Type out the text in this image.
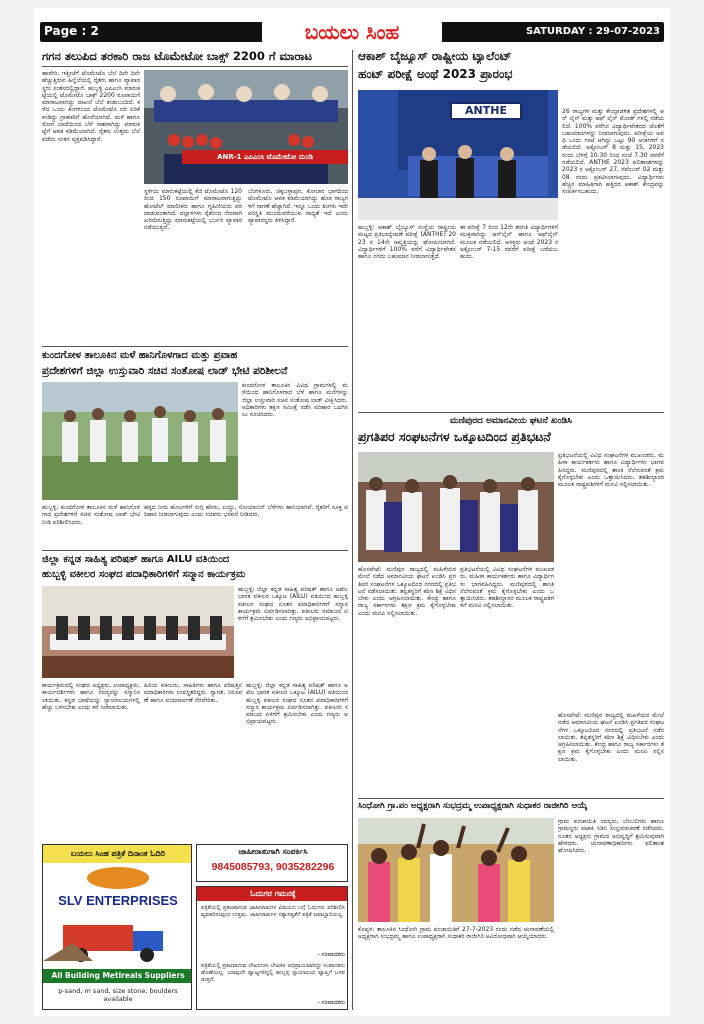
Page : 2	ಬಯಲು ಸಿಂಹ	SATURDAY : 29-07-2023
ಗಗನ ತಲುಪಿದ ತರಕಾರಿ ರಾಜ ಟೊಮೇಟೋ ಬಾಕ್ಸ್ 2200 ಗೆ ಮಾರಾಟ
ಹಾವೇರಿ: ಇತ್ತೀಚೆಗೆ ಟೊಮೇಟೊ ಬೆಲೆ ದಿನೇ ದಿನೇ ಹೆಚ್ಚುತ್ತಿರುವ ಹಿನ್ನೆಲೆಯಲ್ಲಿ ರೈತರು ಹಾಗೂ ವ್ಯಾಪಾರಸ್ಥರು ಸಂತಸದಲ್ಲಿದ್ದಾರೆ. ಹುಬ್ಬಳ್ಳಿ ಎಪಿಎಂಸಿ ಮಾರುಕಟ್ಟೆಯಲ್ಲಿ ಟೊಮೇಟೊ ಬಾಕ್ಸ್ 2200 ರೂಪಾಯಿಗೆ ಮಾರಾಟವಾಗಿದ್ದು ದಾಖಲೆ ಬೆಲೆ ಕಂಡುಬಂದಿದೆ. ಕಳೆದ ಒಂದು ತಿಂಗಳಿನಿಂದ ಟೊಮೇಟೊ ದರ ಏರಿಕೆ ಕಂಡಿದ್ದು ಗ್ರಾಹಕರಿಗೆ ಹೊರೆಯಾಗಿದೆ. ಮಳೆ ಹಾಗೂ ರೋಗ ಬಾಧೆಯಿಂದ ಬೆಳೆ ನಾಶವಾಗಿದ್ದು ಮಾರುಕಟ್ಟೆಗೆ ಆವಕ ಕಡಿಮೆಯಾಗಿದೆ. ರೈತರು ಉತ್ತಮ ಬೆಲೆ ಪಡೆದು ಸಂತಸ ವ್ಯಕ್ತಪಡಿಸಿದ್ದಾರೆ.
ANR-1 ಎಪಿಎಂಸಿ ಟೊಮೇಟೋ ಮಂಡಿ
ಸ್ಥಳೀಯ ಮಾರುಕಟ್ಟೆಯಲ್ಲಿ ಕೆಜಿ ಟೊಮೇಟೊ 120 ರಿಂದ 150 ರೂಪಾಯಿಗೆ ಮಾರಾಟವಾಗುತ್ತಿದ್ದು ಹೋಟೆಲ್ ಮಾಲೀಕರು ಹಾಗೂ ಗೃಹಿಣಿಯರು ಪರದಾಡುವಂತಾಗಿದೆ. ದಲ್ಲಾಳಿಗಳು ರೈತರಿಂದ ನೇರವಾಗಿ ಖರೀದಿಸುತ್ತಿದ್ದು ಮಾರುಕಟ್ಟೆಯಲ್ಲಿ ಭರ್ಜರಿ ವ್ಯಾಪಾರ ನಡೆಯುತ್ತಿದೆ.
ಬೆಂಗಳೂರು, ಚಿಕ್ಕಬಳ್ಳಾಪುರ, ಕೋಲಾರ ಭಾಗದಿಂದ ಟೊಮೇಟೊ ಆವಕ ಕಡಿಮೆಯಾಗಿದ್ದು ಹೊರ ರಾಜ್ಯಗಳಿಗೆ ಸಾಗಣೆ ಹೆಚ್ಚಾಗಿದೆ. ಇನ್ನೂ ಒಂದು ತಿಂಗಳು ಇದೇ ಪರಿಸ್ಥಿತಿ ಮುಂದುವರೆಯುವ ಸಾಧ್ಯತೆ ಇದೆ ಎಂದು ವ್ಯಾಪಾರಸ್ಥರು ತಿಳಿಸಿದ್ದಾರೆ.
ಕುಂದಗೋಳ ತಾಲೂಕಿನ ಮಳೆ ಹಾನಿಗೊಳಗಾದ ಮತ್ತು ಪ್ರವಾಹ
ಪ್ರದೇಶಗಳಿಗೆ ಜಿಲ್ಲಾ ಉಸ್ತುವಾರಿ ಸಚಿವ ಸಂತೋಷ ಲಾಡ್ ಭೇಟಿ ಪರಿಶೀಲನೆ
ಕುಂದಗೋಳ ತಾಲೂಕಿನ ವಿವಿಧ ಗ್ರಾಮಗಳಲ್ಲಿ ಮಳೆಯಿಂದ ಹಾನಿಗೊಳಗಾದ ಬೆಳೆ ಹಾಗೂ ಮನೆಗಳನ್ನು ಜಿಲ್ಲಾ ಉಸ್ತುವಾರಿ ಸಚಿವ ಸಂತೋಷ ಲಾಡ್ ವೀಕ್ಷಿಸಿದರು. ಅಧಿಕಾರಿಗಳು ತಕ್ಷಣ ಸಮೀಕ್ಷೆ ನಡೆಸಿ ಪರಿಹಾರ ಒದಗಿಸಲು ಸೂಚಿಸಿದರು.
ಹುಬ್ಬಳ್ಳಿ: ಕುಂದಗೋಳ ತಾಲೂಕಿನ ಮಳೆ ಹಾನಿಗೊಳಗಾದ ಪ್ರದೇಶಗಳಿಗೆ ಸಚಿವ ಸಂತೋಷ ಲಾಡ್ ಭೇಟಿ ನೀಡಿ ಪರಿಶೀಲಿಸಿದರು.
ಹಳ್ಳದ ನೀರು ಹೊಲಗಳಿಗೆ ನುಗ್ಗಿ ಹೆಸರು, ಉದ್ದು, ಸೋಯಾಬಿನ್ ಬೆಳೆಗಳು ಹಾನಿಯಾಗಿವೆ. ರೈತರಿಗೆ ಸೂಕ್ತ ಪರಿಹಾರ ನೀಡಲಾಗುವುದು ಎಂದು ಸಚಿವರು ಭರವಸೆ ನೀಡಿದರು.
ಜಿಲ್ಲಾ ಕನ್ನಡ ಸಾಹಿತ್ಯ ಪರಿಷತ್ ಹಾಗೂ AILU ವತಿಯಿಂದ
ಹುಬ್ಬಳ್ಳಿ ವಕೀಲರ ಸಂಘದ ಪದಾಧಿಕಾರಿಗಳಿಗೆ ಸನ್ಮಾನ ಕಾರ್ಯಕ್ರಮ
ಹುಬ್ಬಳ್ಳಿ: ಜಿಲ್ಲಾ ಕನ್ನಡ ಸಾಹಿತ್ಯ ಪರಿಷತ್ ಹಾಗೂ ಅಖಿಲ ಭಾರತ ವಕೀಲರ ಒಕ್ಕೂಟ (AILU) ವತಿಯಿಂದ ಹುಬ್ಬಳ್ಳಿ ವಕೀಲರ ಸಂಘದ ನೂತನ ಪದಾಧಿಕಾರಿಗಳಿಗೆ ಸನ್ಮಾನ ಕಾರ್ಯಕ್ರಮ ಏರ್ಪಡಿಸಲಾಗಿತ್ತು. ವಕೀಲರು ಸಮಾಜದ ಏಳಿಗೆಗೆ ಶ್ರಮಿಸಬೇಕು ಎಂದು ಗಣ್ಯರು ಅಭಿಪ್ರಾಯಪಟ್ಟರು.
ಕಾರ್ಯಕ್ರಮದಲ್ಲಿ ಸಂಘದ ಅಧ್ಯಕ್ಷರು, ಉಪಾಧ್ಯಕ್ಷರು, ಕಾರ್ಯದರ್ಶಿಗಳು ಹಾಗೂ ಸದಸ್ಯರನ್ನು ಸನ್ಮಾನಿಸಲಾಯಿತು. ಕನ್ನಡ ಭಾಷೆಯನ್ನು ನ್ಯಾಯಾಲಯಗಳಲ್ಲಿ ಹೆಚ್ಚು ಬಳಸಬೇಕು ಎಂದು ಕರೆ ನೀಡಲಾಯಿತು.
ಹಿರಿಯ ವಕೀಲರು, ಸಾಹಿತಿಗಳು ಹಾಗೂ ಪರಿಷತ್ತಿನ ಪದಾಧಿಕಾರಿಗಳು ಉಪಸ್ಥಿತರಿದ್ದರು. ಸ್ವಾಗತ, ನಿರೂಪಣೆ ಹಾಗೂ ವಂದನಾರ್ಪಣೆ ನೆರವೇರಿತು.
ಹುಬ್ಬಳ್ಳಿ: ಜಿಲ್ಲಾ ಕನ್ನಡ ಸಾಹಿತ್ಯ ಪರಿಷತ್ ಹಾಗೂ ಅಖಿಲ ಭಾರತ ವಕೀಲರ ಒಕ್ಕೂಟ (AILU) ವತಿಯಿಂದ ಹುಬ್ಬಳ್ಳಿ ವಕೀಲರ ಸಂಘದ ನೂತನ ಪದಾಧಿಕಾರಿಗಳಿಗೆ ಸನ್ಮಾನ ಕಾರ್ಯಕ್ರಮ ಏರ್ಪಡಿಸಲಾಗಿತ್ತು. ವಕೀಲರು ಸಮಾಜದ ಏಳಿಗೆಗೆ ಶ್ರಮಿಸಬೇಕು ಎಂದು ಗಣ್ಯರು ಅಭಿಪ್ರಾಯಪಟ್ಟರು.
ಬಯಲು ಸಿಂಹ ಪತ್ರಿಕೆ ದಿನಾಂಕ ಓದಿರಿ
SLV ENTERPRISES
All Building Metireals Suppliers
p-sand, m sand, size stone, boulders available
ಜಾಹೀರಾತುಗಾಗಿ ಸಂಪರ್ಕಿಸಿ
9845085793, 9035282296
ಓದುಗರ ಗಮನಕ್ಕೆ
ಪತ್ರಿಕೆಯಲ್ಲಿ ಪ್ರಕಟವಾಗುವ ಜಾಹೀರಾತುಗಳ ವಿಷಯದ ಬಗ್ಗೆ ಓದುಗರು ಪರಿಶೀಲಿಸಿ ವ್ಯವಹರಿಸುವುದು ಉತ್ತಮ. ಜಾಹೀರಾತುಗಳ ಸತ್ಯಾಸತ್ಯತೆಗೆ ಪತ್ರಿಕೆ ಜವಾಬ್ದಾರಿಯಲ್ಲ.
- ಸಂಪಾದಕರು
ಪತ್ರಿಕೆಯಲ್ಲಿ ಪ್ರಕಟವಾಗುವ ಲೇಖನಗಳು ಲೇಖಕರ ಅಭಿಪ್ರಾಯವಾಗಿದ್ದು ಸಂಪಾದಕರು ಹೊಣೆಯಲ್ಲ. ಯಾವುದೇ ವ್ಯಾಜ್ಯಗಳಿದ್ದಲ್ಲಿ ಹುಬ್ಬಳ್ಳಿ ನ್ಯಾಯಾಲಯ ವ್ಯಾಪ್ತಿಗೆ ಒಳಪಡುತ್ತದೆ.
- ಸಂಪಾದಕರು
ಆಕಾಶ್ ಬೈಜ್ಯೂಸ್ ರಾಷ್ಟ್ರೀಯ ಟ್ಯಾಲೆಂಟ್
ಹಂಟ್ ಪರೀಕ್ಷೆ ಅಂಥೆ 2023 ಪ್ರಾರಂಭ
ANTHE	26 ರಾಜ್ಯಗಳ ಮತ್ತು ಕೇಂದ್ರಾಡಳಿತ ಪ್ರದೇಶಗಳಲ್ಲಿ ಆನ್ ಲೈನ್ ಮತ್ತು ಆಫ್ ಲೈನ್ ಮೋಡ್ ಗಳಲ್ಲಿ ನಡೆಯಲಿದೆ. 100% ವರೆಗಿನ ವಿದ್ಯಾರ್ಥಿವೇತನದ ಜೊತೆಗೆ ಬಹುಮಾನಗಳನ್ನು ನೀಡಲಾಗುವುದು. ಪರೀಕ್ಷೆಯ ಅವಧಿ ಒಂದು ಗಂಟೆ ಆಗಿದ್ದು ಒಟ್ಟು 90 ಅಂಕಗಳಿಗೆ ನಡೆಯಲಿದೆ. ಅಕ್ಟೋಬರ್ 8 ಮತ್ತು 15, 2023 ರಂದು ಬೆಳಿಗ್ಗೆ 10.30 ರಿಂದ ಸಂಜೆ 7.30 ರವರೆಗೆ ನಡೆಯಲಿದೆ. ANTHE 2023 ಫಲಿತಾಂಶಗಳನ್ನು 2023 ರ ಅಕ್ಟೋಬರ್ 27, ನವೆಂಬರ್ 02 ಮತ್ತು 08 ರಂದು ಪ್ರಕಟಿಸಲಾಗುವುದು. ವಿದ್ಯಾರ್ಥಿಗಳು ಹೆಚ್ಚಿನ ಮಾಹಿತಿಗಾಗಿ ಹತ್ತಿರದ ಆಕಾಶ್ ಕೇಂದ್ರವನ್ನು ಸಂಪರ್ಕಿಸಬಹುದು.
ಹುಬ್ಬಳ್ಳಿ: ಆಕಾಶ್ ಬೈಜ್ಯೂಸ್ ಸಂಸ್ಥೆಯ ರಾಷ್ಟ್ರೀಯ ಮಟ್ಟದ ಪ್ರತಿಭಾನ್ವೇಷಣೆ ಪರೀಕ್ಷೆ (ANTHE) 2023 ರ 14ನೇ ಆವೃತ್ತಿಯನ್ನು ಘೋಷಿಸಲಾಗಿದೆ. ವಿದ್ಯಾರ್ಥಿಗಳಿಗೆ 100% ವರೆಗೆ ವಿದ್ಯಾರ್ಥಿವೇತನ ಹಾಗೂ ನಗದು ಬಹುಮಾನ ನೀಡಲಾಗುತ್ತದೆ.
ಈ ಪರೀಕ್ಷೆ 7 ರಿಂದ 12ನೇ ತರಗತಿ ವಿದ್ಯಾರ್ಥಿಗಳಿಗೆ ಮುಕ್ತವಾಗಿದ್ದು ಆನ್‌ಲೈನ್ ಹಾಗೂ ಆಫ್‌ಲೈನ್ ಮೂಲಕ ನಡೆಯಲಿದೆ. ಆಸಕ್ತರು ಅಂಥೆ 2023 ರ ಅಕ್ಟೋಬರ್ 7-15 ರವರೆಗೆ ಪರೀಕ್ಷೆ ಬರೆಯಬಹುದು.
ಮಣಿಪುರದ ಅಮಾನವೀಯ ಘಟನೆ ಖಂಡಿಸಿ
ಪ್ರಗತಿಪರ ಸಂಘಟನೆಗಳ ಒಕ್ಕೂಟದಿಂದ ಪ್ರತಿಭಟನೆ
ಪ್ರತಿಭಟನೆಯಲ್ಲಿ ವಿವಿಧ ಸಂಘಟನೆಗಳ ಮುಖಂಡರು, ಮಹಿಳಾ ಕಾರ್ಯಕರ್ತರು ಹಾಗೂ ವಿದ್ಯಾರ್ಥಿಗಳು ಭಾಗವಹಿಸಿದ್ದರು. ಮಣಿಪುರದಲ್ಲಿ ಶಾಂತಿ ನೆಲೆಸುವಂತೆ ಕ್ರಮ ಕೈಗೊಳ್ಳಬೇಕು ಎಂದು ಒತ್ತಾಯಿಸಿದರು. ತಹಶೀಲ್ದಾರರ ಮೂಲಕ ರಾಷ್ಟ್ರಪತಿಗಳಿಗೆ ಮನವಿ ಸಲ್ಲಿಸಲಾಯಿತು.
ಹೊಸಪೇಟೆ: ಮಣಿಪುರ ರಾಜ್ಯದಲ್ಲಿ ಮಹಿಳೆಯರ ಮೇಲೆ ನಡೆದ ಅಮಾನವೀಯ ಘಟನೆ ಖಂಡಿಸಿ ಪ್ರಗತಿಪರ ಸಂಘಟನೆಗಳ ಒಕ್ಕೂಟದಿಂದ ನಗರದಲ್ಲಿ ಪ್ರತಿಭಟನೆ ನಡೆಸಲಾಯಿತು. ತಪ್ಪಿತಸ್ಥರಿಗೆ ಕಠಿಣ ಶಿಕ್ಷೆ ವಿಧಿಸಬೇಕು ಎಂದು ಆಗ್ರಹಿಸಲಾಯಿತು. ಕೇಂದ್ರ ಹಾಗೂ ರಾಜ್ಯ ಸರ್ಕಾರಗಳು ತಕ್ಷಣ ಕ್ರಮ ಕೈಗೊಳ್ಳಬೇಕು ಎಂದು ಮನವಿ ಸಲ್ಲಿಸಲಾಯಿತು.
ಪ್ರತಿಭಟನೆಯಲ್ಲಿ ವಿವಿಧ ಸಂಘಟನೆಗಳ ಮುಖಂಡರು, ಮಹಿಳಾ ಕಾರ್ಯಕರ್ತರು ಹಾಗೂ ವಿದ್ಯಾರ್ಥಿಗಳು ಭಾಗವಹಿಸಿದ್ದರು. ಮಣಿಪುರದಲ್ಲಿ ಶಾಂತಿ ನೆಲೆಸುವಂತೆ ಕ್ರಮ ಕೈಗೊಳ್ಳಬೇಕು ಎಂದು ಒತ್ತಾಯಿಸಿದರು. ತಹಶೀಲ್ದಾರರ ಮೂಲಕ ರಾಷ್ಟ್ರಪತಿಗಳಿಗೆ ಮನವಿ ಸಲ್ಲಿಸಲಾಯಿತು.
ಹೊಸಪೇಟೆ: ಮಣಿಪುರ ರಾಜ್ಯದಲ್ಲಿ ಮಹಿಳೆಯರ ಮೇಲೆ ನಡೆದ ಅಮಾನವೀಯ ಘಟನೆ ಖಂಡಿಸಿ ಪ್ರಗತಿಪರ ಸಂಘಟನೆಗಳ ಒಕ್ಕೂಟದಿಂದ ನಗರದಲ್ಲಿ ಪ್ರತಿಭಟನೆ ನಡೆಸಲಾಯಿತು. ತಪ್ಪಿತಸ್ಥರಿಗೆ ಕಠಿಣ ಶಿಕ್ಷೆ ವಿಧಿಸಬೇಕು ಎಂದು ಆಗ್ರಹಿಸಲಾಯಿತು. ಕೇಂದ್ರ ಹಾಗೂ ರಾಜ್ಯ ಸರ್ಕಾರಗಳು ತಕ್ಷಣ ಕ್ರಮ ಕೈಗೊಳ್ಳಬೇಕು ಎಂದು ಮನವಿ ಸಲ್ಲಿಸಲಾಯಿತು.
ಸಿಂಧೋಗಿ ಗ್ರಾ.ಪಂ ಅಧ್ಯಕ್ಷರಾಗಿ ಸುಭದ್ರಮ್ಮ ಉಪಾಧ್ಯಕ್ಷರಾಗಿ ಸುಧಾಕರ ರಾಜೀಗಿರಿ ಆಯ್ಕೆ
ಗ್ರಾಮ ಪಂಚಾಯಿತಿ ಸದಸ್ಯರು, ಬೆಂಬಲಿಗರು ಹಾಗೂ ಗ್ರಾಮಸ್ಥರು ಪಟಾಕಿ ಸಿಡಿಸಿ ಸಂಭ್ರಮಾಚರಣೆ ನಡೆಸಿದರು. ನೂತನ ಅಧ್ಯಕ್ಷರು ಗ್ರಾಮದ ಅಭಿವೃದ್ಧಿಗೆ ಶ್ರಮಿಸುವುದಾಗಿ ಹೇಳಿದರು. ಚುನಾವಣಾಧಿಕಾರಿಗಳು ಫಲಿತಾಂಶ ಘೋಷಿಸಿದರು.
ಕೊಪ್ಪಳ: ತಾಲೂಕಿನ ಸಿಂಧೋಗಿ ಗ್ರಾಮ ಪಂಚಾಯಿತಿಗೆ 27-7-2023 ರಂದು ನಡೆದ ಚುನಾವಣೆಯಲ್ಲಿ ಅಧ್ಯಕ್ಷರಾಗಿ ಸುಭದ್ರಮ್ಮ ಹಾಗೂ ಉಪಾಧ್ಯಕ್ಷರಾಗಿ ಸುಧಾಕರ ರಾಜೀಗಿರಿ ಅವಿರೋಧವಾಗಿ ಆಯ್ಕೆಯಾದರು.
